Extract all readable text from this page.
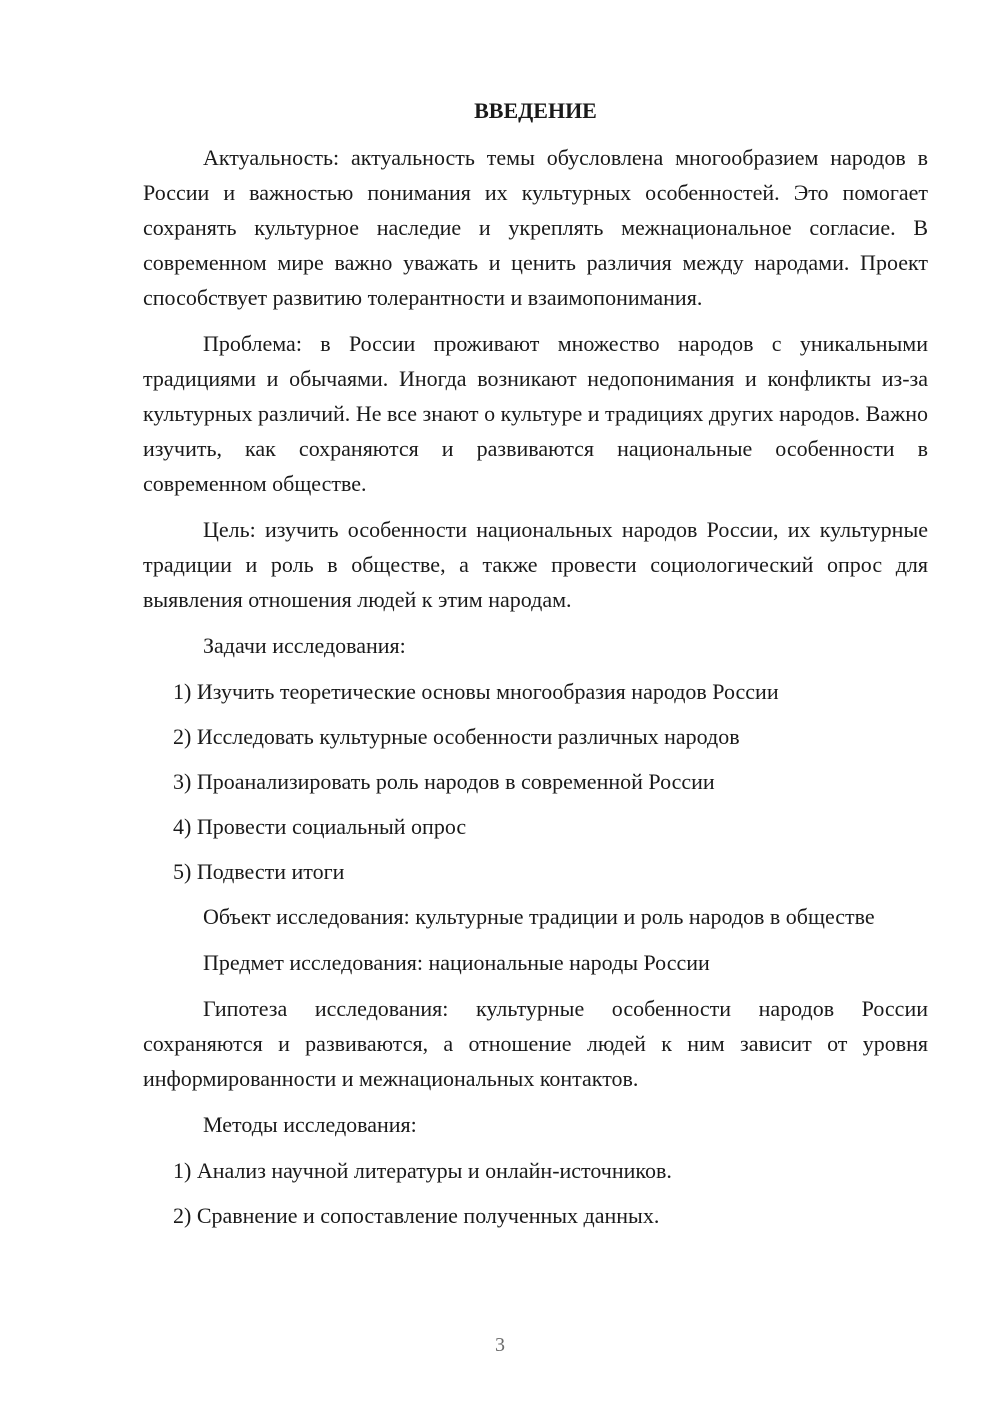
ВВЕДЕНИЕ

Актуальность: актуальность темы обусловлена многообразием народов в России и важностью понимания их культурных особенностей. Это помогает сохранять культурное наследие и укреплять межнациональное согласие. В современном мире важно уважать и ценить различия между народами. Проект способствует развитию толерантности и взаимопонимания.

Проблема: в России проживают множество народов с уникальными традициями и обычаями. Иногда возникают недопонимания и конфликты из-за культурных различий. Не все знают о культуре и традициях других народов. Важно изучить, как сохраняются и развиваются национальные особенности в современном обществе.

Цель: изучить особенности национальных народов России, их культурные традиции и роль в обществе, а также провести социологический опрос для выявления отношения людей к этим народам.

Задачи исследования:

1) Изучить теоретические основы многообразия народов России
2) Исследовать культурные особенности различных народов
3) Проанализировать роль народов в современной России
4) Провести социальный опрос
5) Подвести итоги

Объект исследования: культурные традиции и роль народов в обществе

Предмет исследования: национальные народы России

Гипотеза исследования: культурные особенности народов России сохраняются и развиваются, а отношение людей к ним зависит от уровня информированности и межнациональных контактов.

Методы исследования:

1) Анализ научной литературы и онлайн-источников.
2) Сравнение и сопоставление полученных данных.
3
